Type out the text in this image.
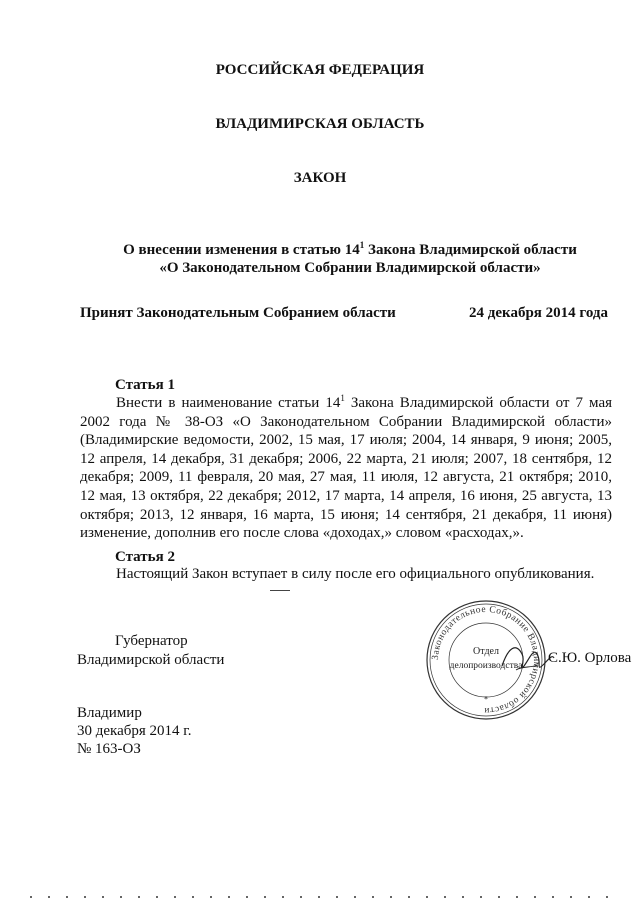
РОССИЙСКАЯ ФЕДЕРАЦИЯ
ВЛАДИМИРСКАЯ ОБЛАСТЬ
ЗАКОН
О внесении изменения в статью $14^1$ Закона Владимирской области
«О Законодательном Собрании Владимирской области»
Принят Законодательным Собранием области	24 декабря 2014 года
Статья 1
Внести в наименование статьи $14^1$ Закона Владимирской области от 7 мая 2002 года № 38-ОЗ «О Законодательном Собрании Владимирской области» (Владимирские ведомости, 2002, 15 мая, 17 июля; 2004, 14 января, 9 июня; 2005, 12 апреля, 14 декабря, 31 декабря; 2006, 22 марта, 21 июля; 2007, 18 сентября, 12 декабря; 2009, 11 февраля, 20 мая, 27 мая, 11 июля, 12 августа, 21 октября; 2010, 12 мая, 13 октября, 22 декабря; 2012, 17 марта, 14 апреля, 16 июня, 25 августа, 13 октября; 2013, 12 января, 16 марта, 15 июня; 14 сентября, 21 декабря, 11 июня) изменение, дополнив его после слова «доходах,» словом «расходах,».
Статья 2
Настоящий Закон вступает в силу после его официального опубликования.
Губернатор
Владимирской области	Законодательное Собрание Владимирской области
*
Отдел
делопроизводства С.Ю. Орлова
Владимир
30 декабря 2014 г.
№ 163-ОЗ
